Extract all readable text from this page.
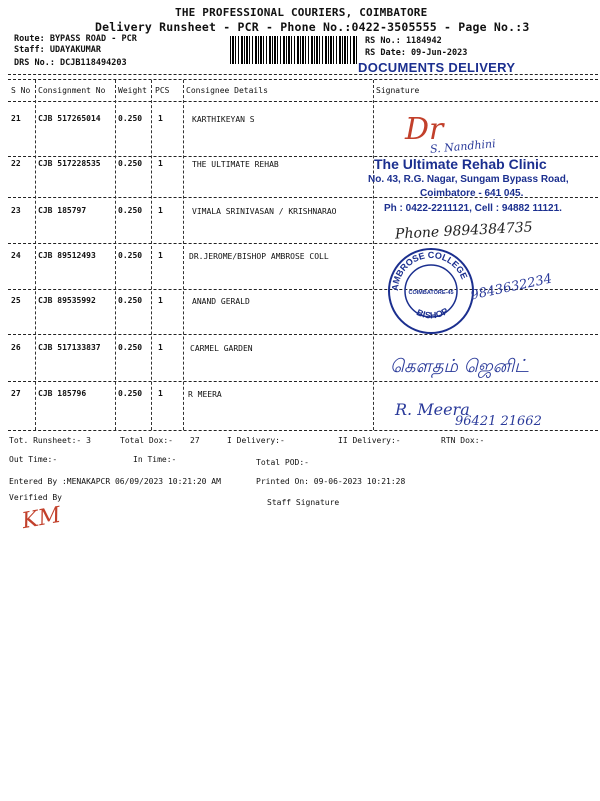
THE PROFESSIONAL COURIERS, COIMBATORE
Delivery Runsheet - PCR - Phone No.:0422-3505555 - Page No.:3
Route: BYPASS ROAD - PCR
Staff: UDAYAKUMAR
DRS No.: DCJB118494203
RS No.: 1184942
RS Date: 09-Jun-2023
DOCUMENTS DELIVERY
S No Consignment No Weight PCS Consignee Details	Signature
21 CJB 517265014 0.250 1	KARTHIKEYAN S
22 CJB 517228535 0.250 1	THE ULTIMATE REHAB
23 CJB 185797	0.250 1	VIMALA SRINIVASAN / KRISHNARAO
24 CJB 89512493	0.250 1	DR.JEROME/BISHOP AMBROSE COLL
25 CJB 89535992	0.250 1	ANAND GERALD
26 CJB 517133837 0.250 1	CARMEL GARDEN
27 CJB 185796	0.250 1	R MEERA
Dr
S. Nandhini
The Ultimate Rehab Clinic
No. 43, R.G. Nagar, Sungam Bypass Road,
Coimbatore - 641 045.
Ph : 0422-2211121, Cell : 94882 11121.
Phone 9894384735
AMBROSE COLLEGE
BISHOP
COIMBATORE-45 9843632234
கௌதம் ஜெனிட்
R. Meera
96421 21662
Tot. Runsheet:- 3	Total Dox:- 27	I Delivery:-	II Delivery:-	RTN Dox:-
Out Time:-	In Time:-	Total POD:-
Entered By :MENAKAPCR 06/09/2023 10:21:20 AM	Printed On: 09-06-2023 10:21:28
Verified By
Staff Signature
KM
